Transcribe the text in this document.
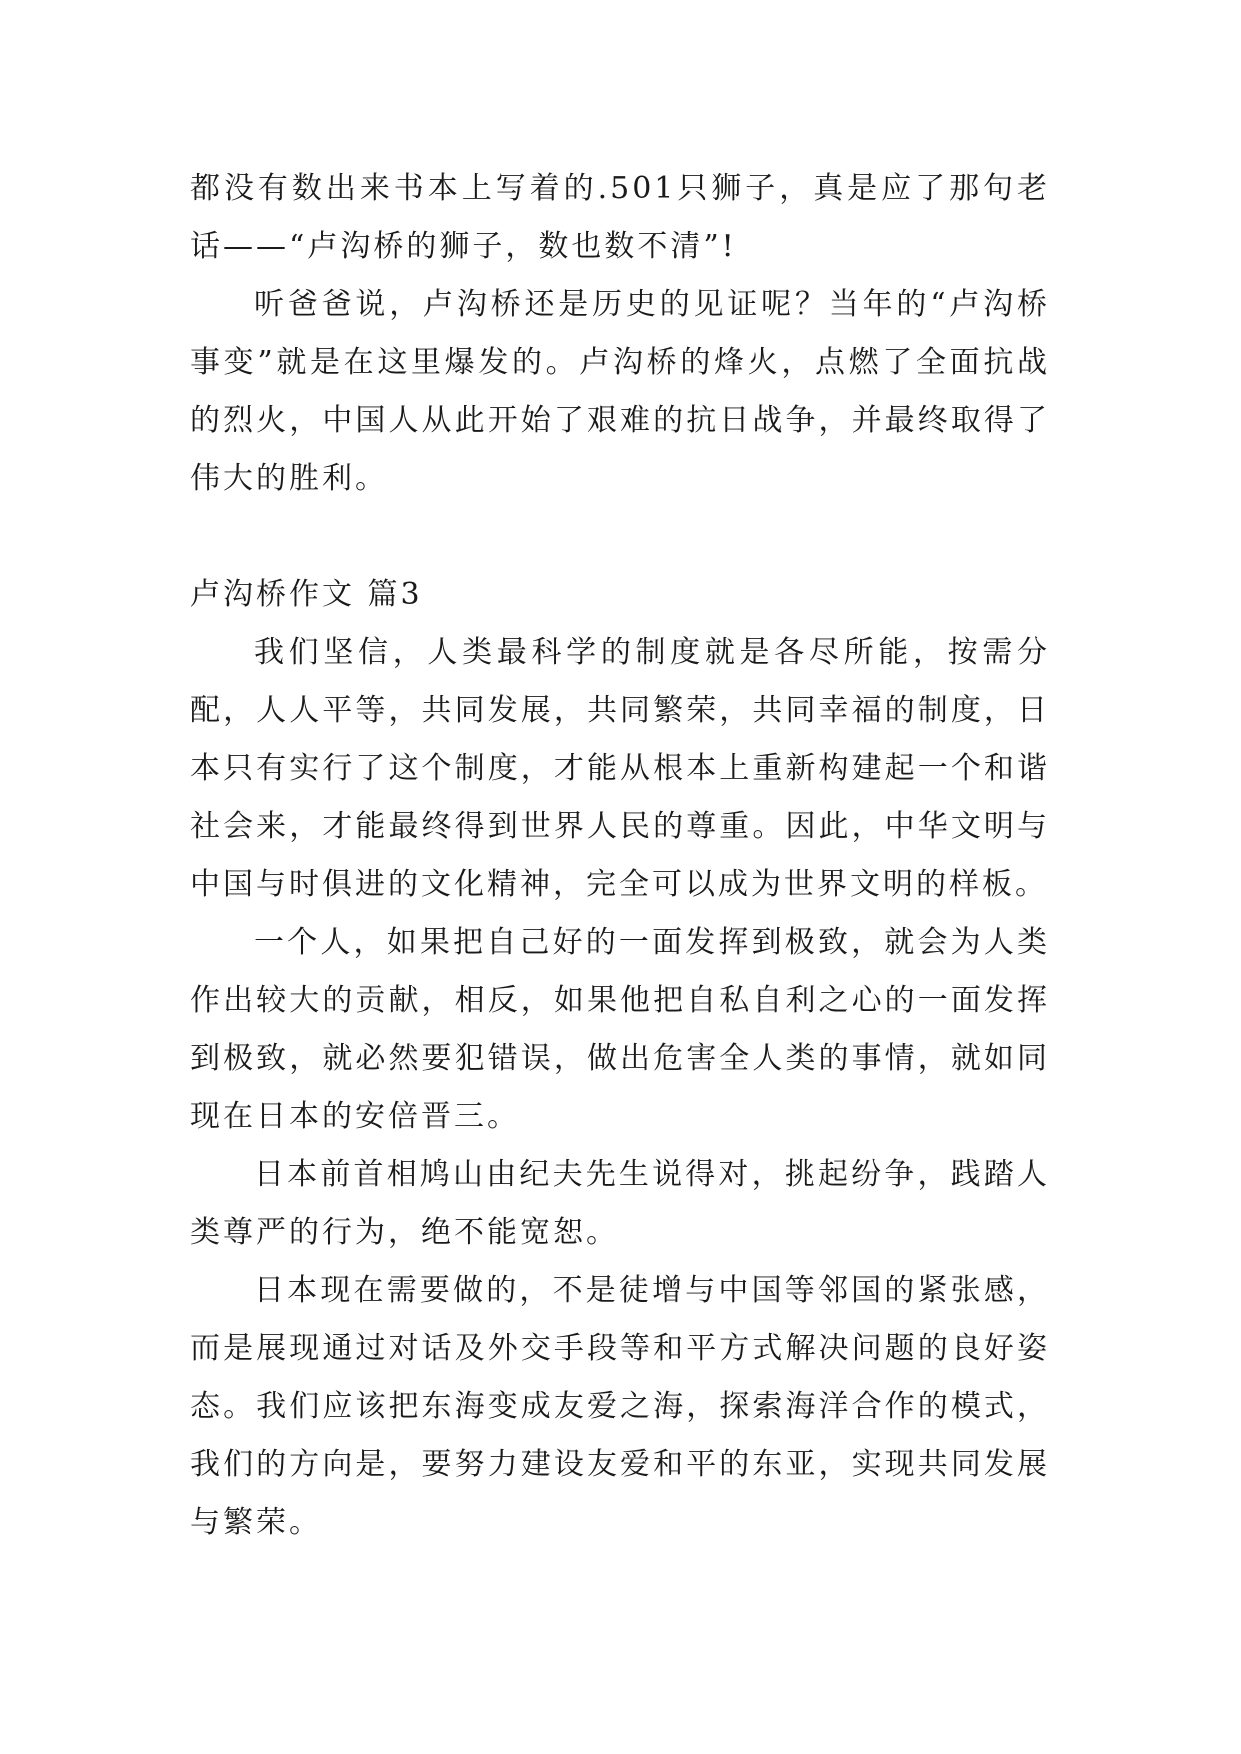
都没有数出来书本上写着的.501只狮子，真是应了那句老话——“卢沟桥的狮子，数也数不清”!

听爸爸说，卢沟桥还是历史的见证呢？当年的“卢沟桥事变”就是在这里爆发的。卢沟桥的烽火，点燃了全面抗战的烈火，中国人从此开始了艰难的抗日战争，并最终取得了伟大的胜利。

卢沟桥作文 篇3

我们坚信，人类最科学的制度就是各尽所能，按需分配，人人平等，共同发展，共同繁荣，共同幸福的制度，日本只有实行了这个制度，才能从根本上重新构建起一个和谐社会来，才能最终得到世界人民的尊重。因此，中华文明与中国与时俱进的文化精神，完全可以成为世界文明的样板。

一个人，如果把自己好的一面发挥到极致，就会为人类作出较大的贡献，相反，如果他把自私自利之心的一面发挥到极致，就必然要犯错误，做出危害全人类的事情，就如同现在日本的安倍晋三。

日本前首相鸠山由纪夫先生说得对，挑起纷争，践踏人类尊严的行为，绝不能宽恕。

日本现在需要做的，不是徒增与中国等邻国的紧张感，而是展现通过对话及外交手段等和平方式解决问题的良好姿态。我们应该把东海变成友爱之海，探索海洋合作的模式，我们的方向是，要努力建设友爱和平的东亚，实现共同发展与繁荣。
